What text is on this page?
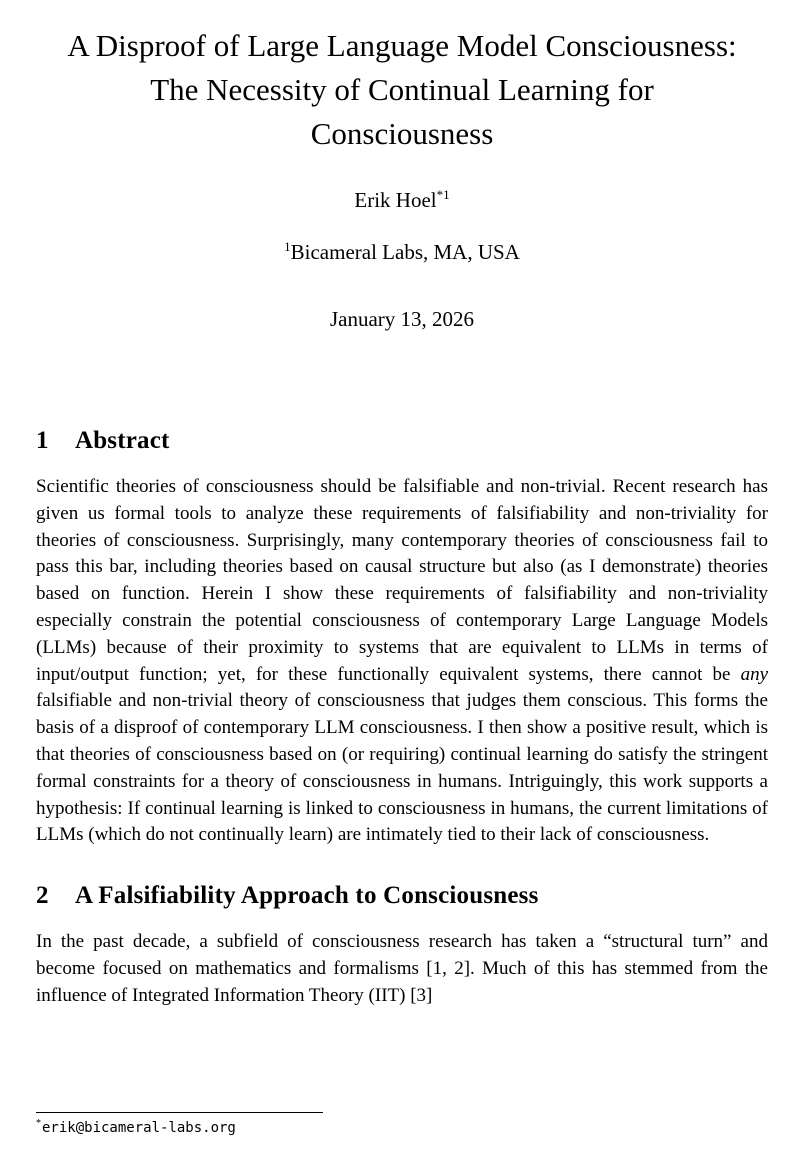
A Disproof of Large Language Model Consciousness: The Necessity of Continual Learning for Consciousness
Erik Hoel$^{*1}$
$^1$Bicameral Labs, MA, USA
January 13, 2026
1 Abstract

Scientific theories of consciousness should be falsifiable and non-trivial. Recent research has given us formal tools to analyze these requirements of falsifiability and non-triviality for theories of consciousness. Surprisingly, many contemporary theories of consciousness fail to pass this bar, including theories based on causal structure but also (as I demonstrate) theories based on function. Herein I show these requirements of falsifiability and non-triviality especially constrain the potential consciousness of contemporary Large Language Models (LLMs) because of their proximity to systems that are equivalent to LLMs in terms of input/output function; yet, for these functionally equivalent systems, there cannot be any falsifiable and non-trivial theory of consciousness that judges them conscious. This forms the basis of a disproof of contemporary LLM consciousness. I then show a positive result, which is that theories of consciousness based on (or requiring) continual learning do satisfy the stringent formal constraints for a theory of consciousness in humans. Intriguingly, this work supports a hypothesis: If continual learning is linked to consciousness in humans, the current limitations of LLMs (which do not continually learn) are intimately tied to their lack of consciousness.

2 A Falsifiability Approach to Consciousness

In the past decade, a subfield of consciousness research has taken a “structural turn” and become focused on mathematics and formalisms [1, 2]. Much of this has stemmed from the influence of Integrated Information Theory (IIT) [3]

*erik@bicameral-labs.org
